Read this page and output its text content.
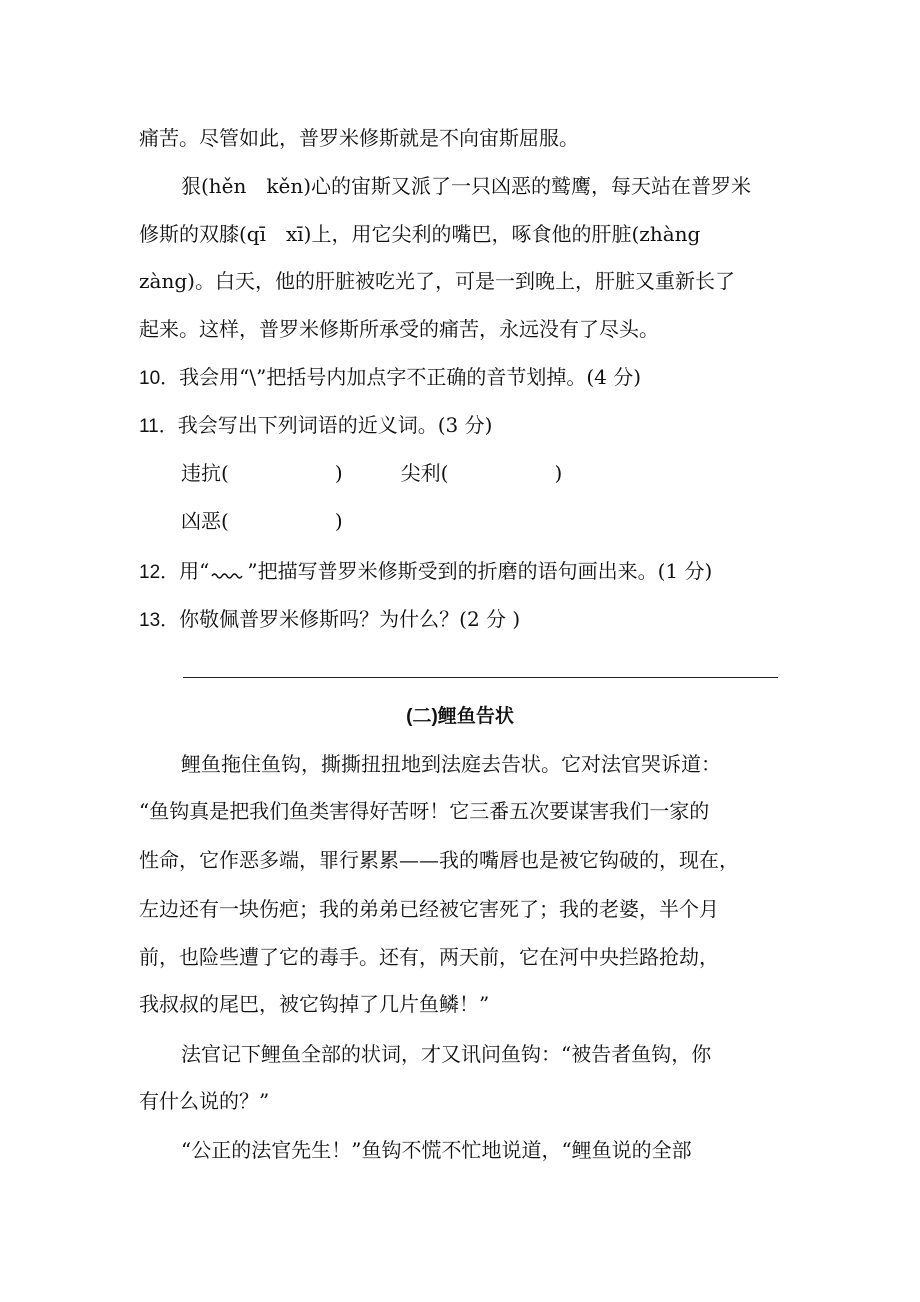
痛苦。尽管如此，普罗米修斯就是不向宙斯屈服。
狠(hěn　kěn)心的宙斯又派了一只凶恶的鹫鹰，每天站在普罗米
修斯的双膝(qī　xī)上，用它尖利的嘴巴，啄食他的肝脏(zhàng
zàng)。白天，他的肝脏被吃光了，可是一到晚上，肝脏又重新长了
起来。这样，普罗米修斯所承受的痛苦，永远没有了尽头。
10．我会用“\”把括号内加点字不正确的音节划掉。(4 分)
11．我会写出下列词语的近义词。(3 分)
违抗(	)	尖利(	)
凶恶(	)
12．用“ ”把描写普罗米修斯受到的折磨的语句画出来。(1 分)
13．你敬佩普罗米修斯吗？为什么？(2 分 )
(二)鲤鱼告状
鲤鱼拖住鱼钩，撕撕扭扭地到法庭去告状。它对法官哭诉道：
“鱼钩真是把我们鱼类害得好苦呀！它三番五次要谋害我们一家的
性命，它作恶多端，罪行累累——我的嘴唇也是被它钩破的，现在，
左边还有一块伤疤；我的弟弟已经被它害死了；我的老婆，半个月
前，也险些遭了它的毒手。还有，两天前，它在河中央拦路抢劫，
我叔叔的尾巴，被它钩掉了几片鱼鳞！”
法官记下鲤鱼全部的状词，才又讯问鱼钩：“被告者鱼钩，你
有什么说的？”
“公正的法官先生！”鱼钩不慌不忙地说道，“鲤鱼说的全部
